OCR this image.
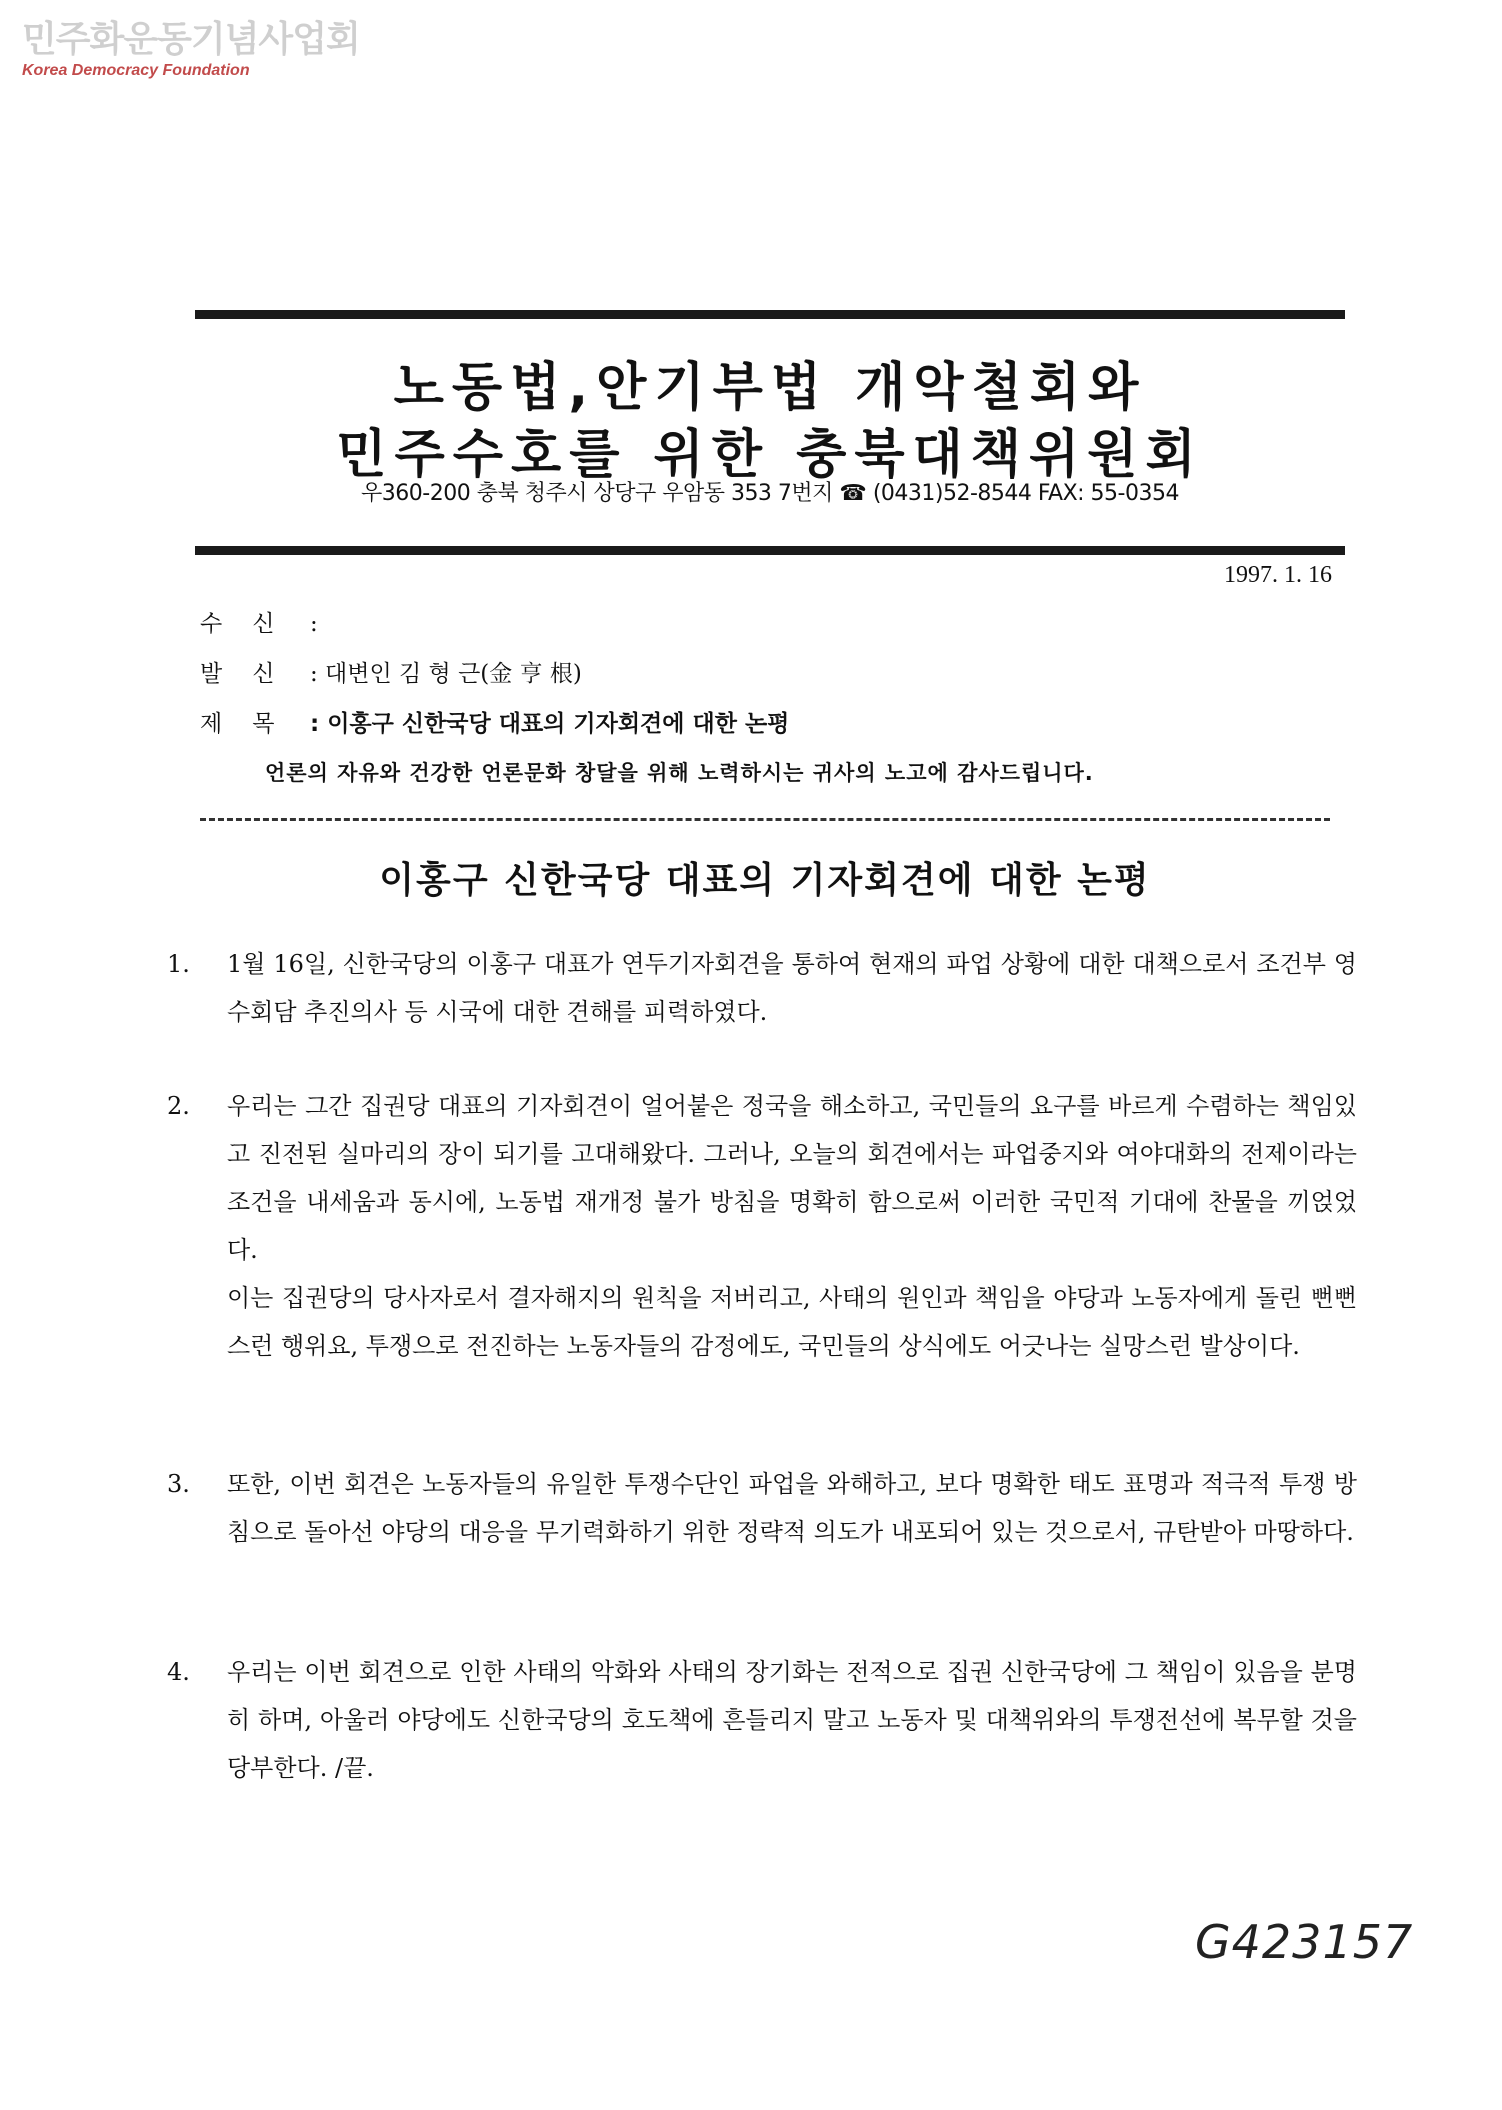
민주화운동기념사업회
Korea Democracy Foundation
노동법,안기부법 개악철회와
민주수호를 위한 충북대책위원회
우360-200 충북 청주시 상당구 우암동 353 7번지 ☎ (0431)52-8544 FAX: 55-0354
1997. 1. 16
수신 :
발신 : 대변인 김 형 근(金 亨 根)
제목 : 이홍구 신한국당 대표의 기자회견에 대한 논평
언론의 자유와 건강한 언론문화 창달을 위해 노력하시는 귀사의 노고에 감사드립니다.
이홍구 신한국당 대표의 기자회견에 대한 논평
1. 1월 16일, 신한국당의 이홍구 대표가 연두기자회견을 통하여 현재의 파업 상황에 대한 대책으로서 조건부 영수회담 추진의사 등 시국에 대한 견해를 피력하였다.
2. 우리는 그간 집권당 대표의 기자회견이 얼어붙은 정국을 해소하고, 국민들의 요구를 바르게 수렴하는 책임있고 진전된 실마리의 장이 되기를 고대해왔다. 그러나, 오늘의 회견에서는 파업중지와 여야대화의 전제이라는 조건을 내세움과 동시에, 노동법 재개정 불가 방침을 명확히 함으로써 이러한 국민적 기대에 찬물을 끼얹었다.
이는 집권당의 당사자로서 결자해지의 원칙을 저버리고, 사태의 원인과 책임을 야당과 노동자에게 돌린 뻔뻔스런 행위요, 투쟁으로 전진하는 노동자들의 감정에도, 국민들의 상식에도 어긋나는 실망스런 발상이다.
3. 또한, 이번 회견은 노동자들의 유일한 투쟁수단인 파업을 와해하고, 보다 명확한 태도 표명과 적극적 투쟁 방침으로 돌아선 야당의 대응을 무기력화하기 위한 정략적 의도가 내포되어 있는 것으로서, 규탄받아 마땅하다.
4. 우리는 이번 회견으로 인한 사태의 악화와 사태의 장기화는 전적으로 집권 신한국당에 그 책임이 있음을 분명히 하며, 아울러 야당에도 신한국당의 호도책에 흔들리지 말고 노동자 및 대책위와의 투쟁전선에 복무할 것을 당부한다. /끝.
G423157
